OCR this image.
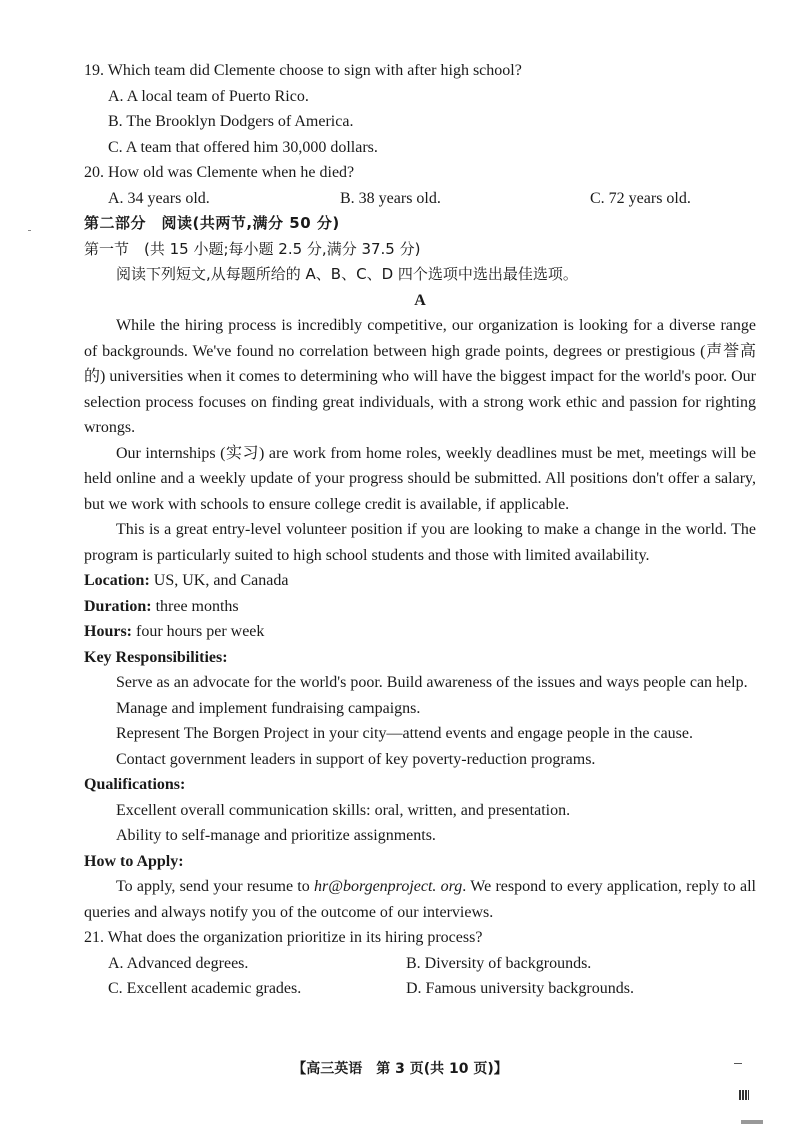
19. Which team did Clemente choose to sign with after high school?

A. A local team of Puerto Rico.

B. The Brooklyn Dodgers of America.

C. A team that offered him 30,000 dollars.

20. How old was Clemente when he died?

A. 34 years old.	B. 38 years old.	C. 72 years old.

第二部分　阅读(共两节,满分 50 分)

第一节　(共 15 小题;每小题 2.5 分,满分 37.5 分)

阅读下列短文,从每题所给的 A、B、C、D 四个选项中选出最佳选项。

A

While the hiring process is incredibly competitive, our organization is looking for a diverse range of backgrounds. We've found no correlation between high grade points, degrees or prestigious (声誉高的) universities when it comes to determining who will have the biggest impact for the world's poor. Our selection process focuses on finding great individuals, with a strong work ethic and passion for righting wrongs.

Our internships (实习) are work from home roles, weekly deadlines must be met, meetings will be held online and a weekly update of your progress should be submitted. All positions don't offer a salary, but we work with schools to ensure college credit is available, if applicable.

This is a great entry-level volunteer position if you are looking to make a change in the world. The program is particularly suited to high school students and those with limited availability.

Location: US, UK, and Canada

Duration: three months

Hours: four hours per week

Key Responsibilities:

Serve as an advocate for the world's poor. Build awareness of the issues and ways people can help.

Manage and implement fundraising campaigns.

Represent The Borgen Project in your city—attend events and engage people in the cause.

Contact government leaders in support of key poverty-reduction programs.

Qualifications:

Excellent overall communication skills: oral, written, and presentation.

Ability to self-manage and prioritize assignments.

How to Apply:

To apply, send your resume to hr@borgenproject. org. We respond to every application, reply to all queries and always notify you of the outcome of our interviews.

21. What does the organization prioritize in its hiring process?

A. Advanced degrees.	B. Diversity of backgrounds.
C. Excellent academic grades.	D. Famous university backgrounds.
【高三英语　第 3 页(共 10 页)】
